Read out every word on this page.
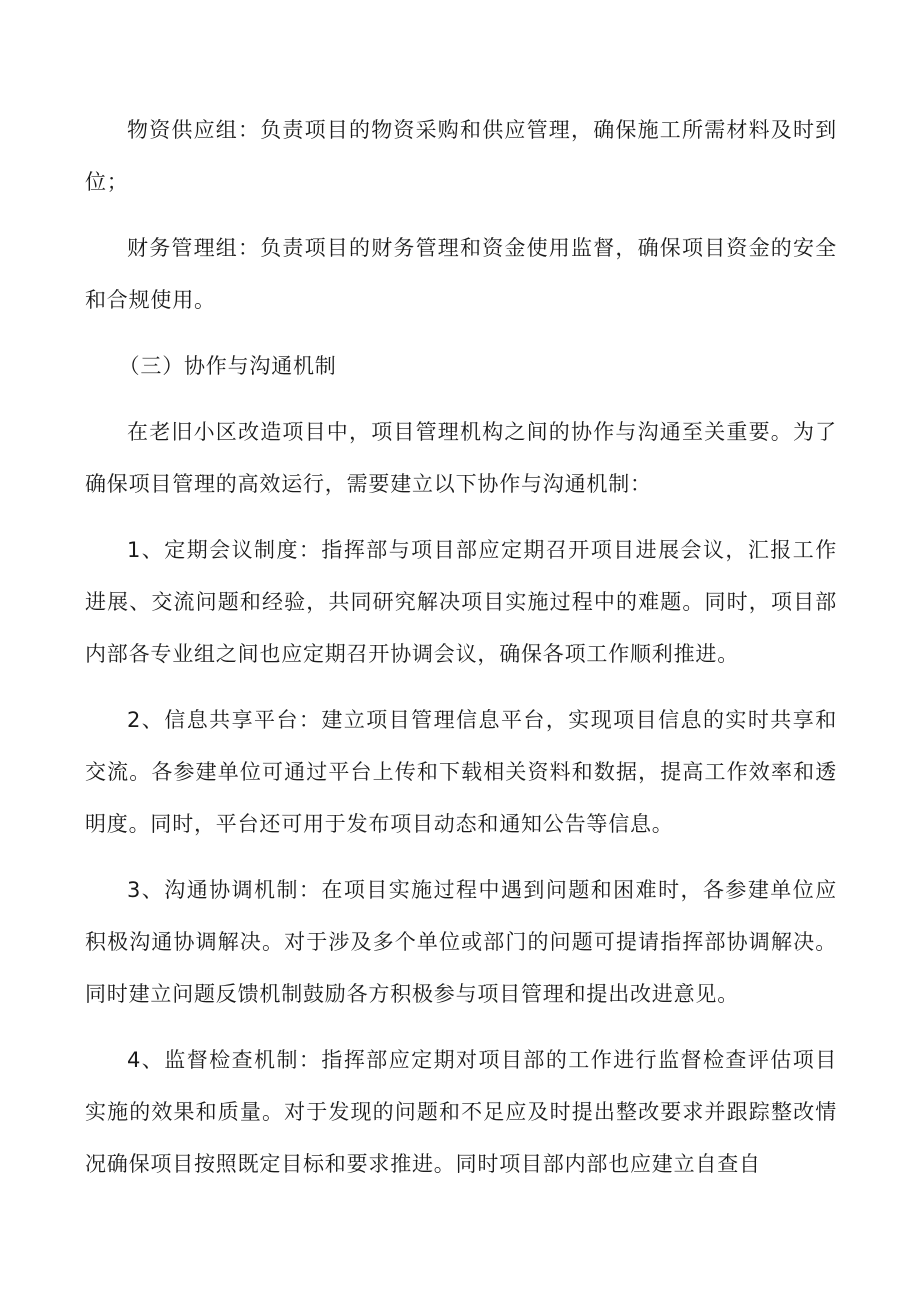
物资供应组：负责项目的物资采购和供应管理，确保施工所需材料及时到位；

财务管理组：负责项目的财务管理和资金使用监督，确保项目资金的安全和合规使用。

（三）协作与沟通机制

在老旧小区改造项目中，项目管理机构之间的协作与沟通至关重要。为了确保项目管理的高效运行，需要建立以下协作与沟通机制：

1、定期会议制度：指挥部与项目部应定期召开项目进展会议，汇报工作进展、交流问题和经验，共同研究解决项目实施过程中的难题。同时，项目部内部各专业组之间也应定期召开协调会议，确保各项工作顺利推进。

2、信息共享平台：建立项目管理信息平台，实现项目信息的实时共享和交流。各参建单位可通过平台上传和下载相关资料和数据，提高工作效率和透明度。同时，平台还可用于发布项目动态和通知公告等信息。

3、沟通协调机制：在项目实施过程中遇到问题和困难时，各参建单位应积极沟通协调解决。对于涉及多个单位或部门的问题可提请指挥部协调解决。同时建立问题反馈机制鼓励各方积极参与项目管理和提出改进意见。

4、监督检查机制：指挥部应定期对项目部的工作进行监督检查评估项目实施的效果和质量。对于发现的问题和不足应及时提出整改要求并跟踪整改情况确保项目按照既定目标和要求推进。同时项目部内部也应建立自查自
